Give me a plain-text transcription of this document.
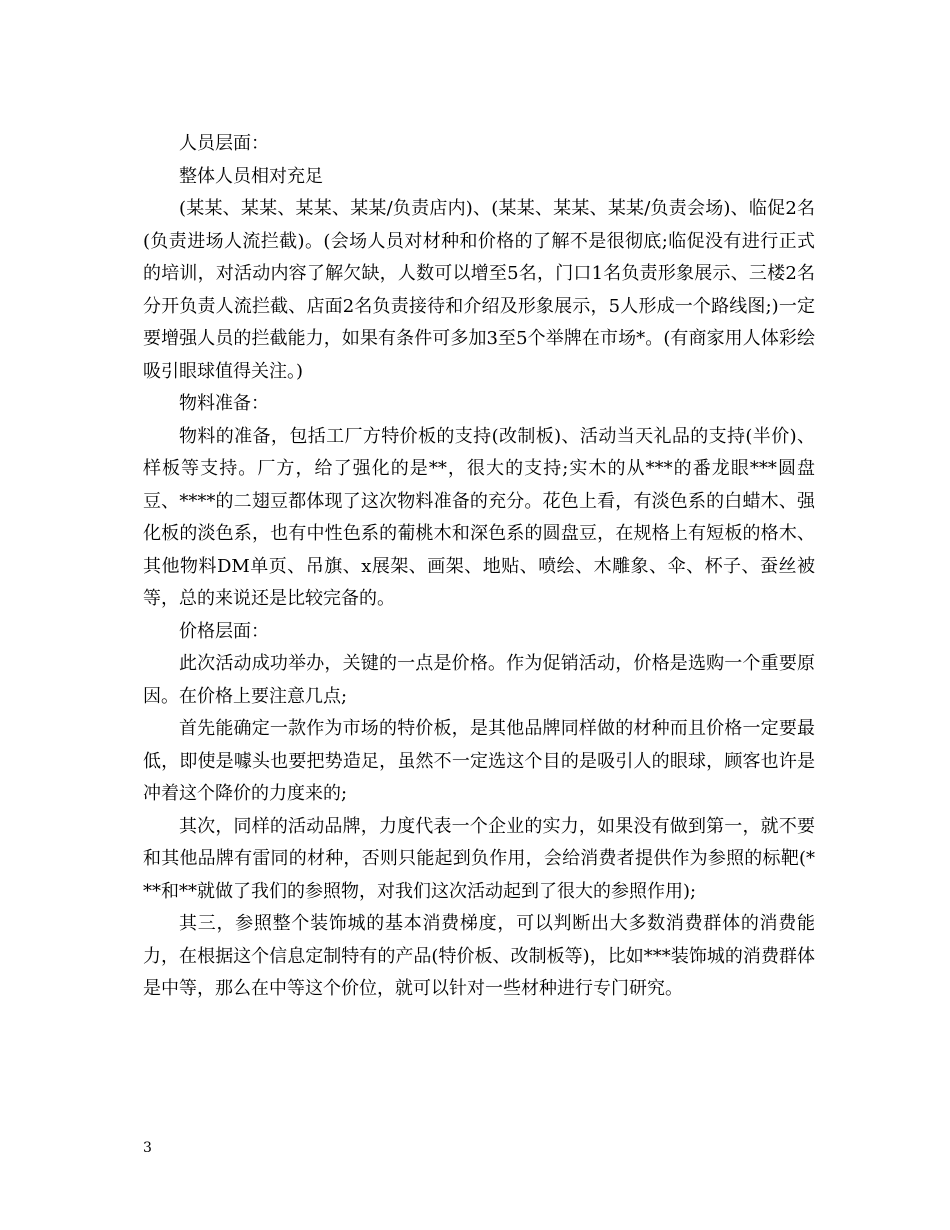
人员层面：

整体人员相对充足

(某某、某某、某某、某某/负责店内)、(某某、某某、某某/负责会场)、临促2名(负责进场人流拦截)。(会场人员对材种和价格的了解不是很彻底;临促没有进行正式的培训，对活动内容了解欠缺，人数可以增至5名，门口1名负责形象展示、三楼2名分开负责人流拦截、店面2名负责接待和介绍及形象展示，5人形成一个路线图;)一定要增强人员的拦截能力，如果有条件可多加3至5个举牌在市场*。(有商家用人体彩绘吸引眼球值得关注。)

物料准备：

物料的准备，包括工厂方特价板的支持(改制板)、活动当天礼品的支持(半价)、样板等支持。厂方，给了强化的是**，很大的支持;实木的从***的番龙眼***圆盘豆、****的二翅豆都体现了这次物料准备的充分。花色上看，有淡色系的白蜡木、强化板的淡色系，也有中性色系的葡桃木和深色系的圆盘豆，在规格上有短板的格木、其他物料DM单页、吊旗、x展架、画架、地贴、喷绘、木雕象、伞、杯子、蚕丝被等，总的来说还是比较完备的。

价格层面：

此次活动成功举办，关键的一点是价格。作为促销活动，价格是选购一个重要原因。在价格上要注意几点;

首先能确定一款作为市场的特价板，是其他品牌同样做的材种而且价格一定要最低，即使是噱头也要把势造足，虽然不一定选这个目的是吸引人的眼球，顾客也许是冲着这个降价的力度来的;

其次，同样的活动品牌，力度代表一个企业的实力，如果没有做到第一，就不要和其他品牌有雷同的材种，否则只能起到负作用，会给消费者提供作为参照的标靶(***和**就做了我们的参照物，对我们这次活动起到了很大的参照作用);

其三，参照整个装饰城的基本消费梯度，可以判断出大多数消费群体的消费能力，在根据这个信息定制特有的产品(特价板、改制板等)，比如***装饰城的消费群体是中等，那么在中等这个价位，就可以针对一些材种进行专门研究。

3
